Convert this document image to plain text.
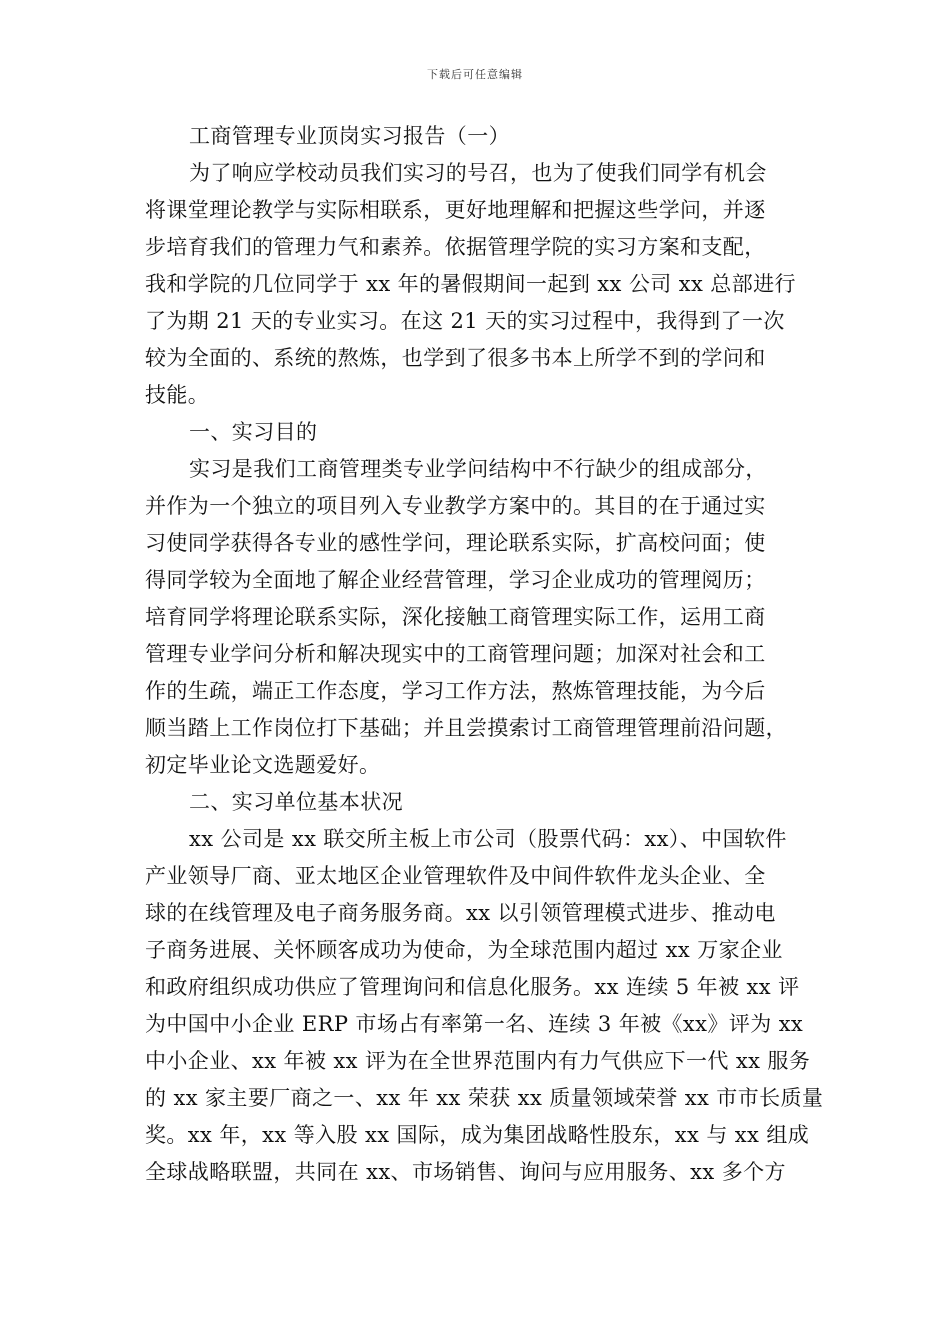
下载后可任意编辑
工商管理专业顶岗实习报告（一）
为了响应学校动员我们实习的号召，也为了使我们同学有机会
将课堂理论教学与实际相联系，更好地理解和把握这些学问，并逐
步培育我们的管理力气和素养。依据管理学院的实习方案和支配，
我和学院的几位同学于 xx 年的暑假期间一起到 xx 公司 xx 总部进行
了为期 21 天的专业实习。在这 21 天的实习过程中，我得到了一次
较为全面的、系统的熬炼，也学到了很多书本上所学不到的学问和
技能。
一、实习目的
实习是我们工商管理类专业学问结构中不行缺少的组成部分，
并作为一个独立的项目列入专业教学方案中的。其目的在于通过实
习使同学获得各专业的感性学问，理论联系实际，扩高校问面；使
得同学较为全面地了解企业经营管理，学习企业成功的管理阅历；
培育同学将理论联系实际，深化接触工商管理实际工作，运用工商
管理专业学问分析和解决现实中的工商管理问题；加深对社会和工
作的生疏，端正工作态度，学习工作方法，熬炼管理技能，为今后
顺当踏上工作岗位打下基础；并且尝摸索讨工商管理管理前沿问题，
初定毕业论文选题爱好。
二、实习单位基本状况
xx 公司是 xx 联交所主板上市公司（股票代码：xx）、中国软件
产业领导厂商、亚太地区企业管理软件及中间件软件龙头企业、全
球的在线管理及电子商务服务商。xx 以引领管理模式进步、推动电
子商务进展、关怀顾客成功为使命，为全球范围内超过 xx 万家企业
和政府组织成功供应了管理询问和信息化服务。xx 连续 5 年被 xx 评
为中国中小企业 ERP 市场占有率第一名、连续 3 年被《xx》评为 xx
中小企业、xx 年被 xx 评为在全世界范围内有力气供应下一代 xx 服务
的 xx 家主要厂商之一、xx 年 xx 荣获 xx 质量领域荣誉 xx 市市长质量
奖。xx 年，xx 等入股 xx 国际，成为集团战略性股东，xx 与 xx 组成
全球战略联盟，共同在 xx、市场销售、询问与应用服务、xx 多个方
